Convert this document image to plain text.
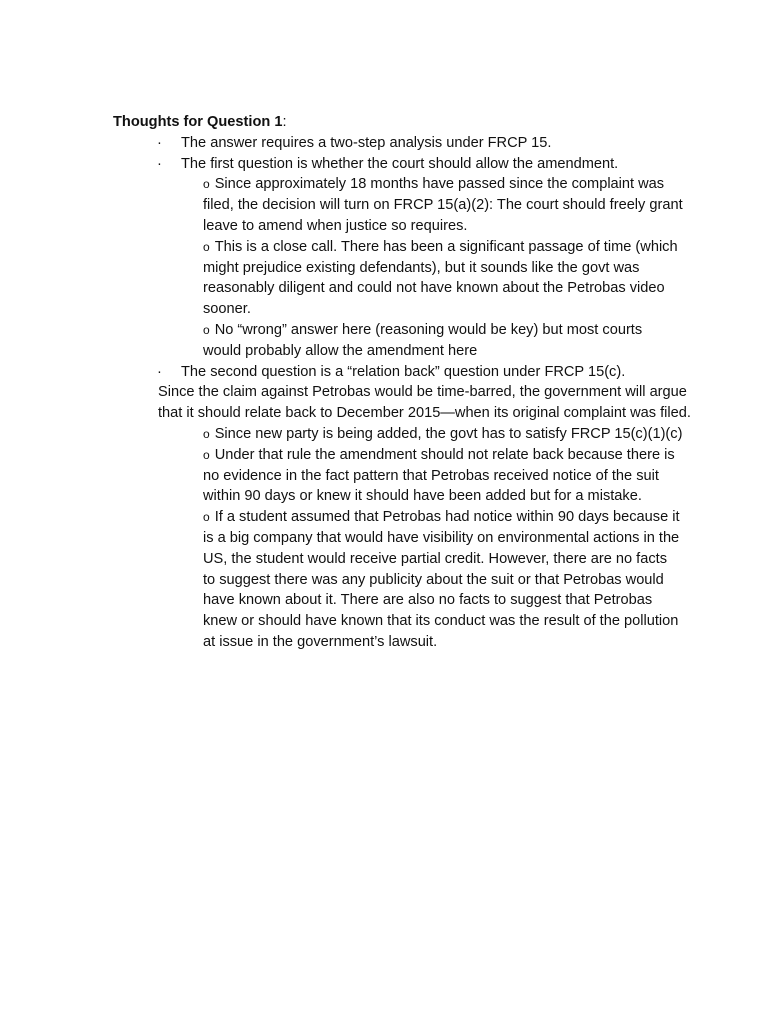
Thoughts for Question 1:
· The answer requires a two-step analysis under FRCP 15.
· The first question is whether the court should allow the amendment.
o Since approximately 18 months have passed since the complaint was filed, the decision will turn on FRCP 15(a)(2): The court should freely grant leave to amend when justice so requires.
o This is a close call. There has been a significant passage of time (which might prejudice existing defendants), but it sounds like the govt was reasonably diligent and could not have known about the Petrobas video sooner.
o No “wrong” answer here (reasoning would be key) but most courts would probably allow the amendment here
· The second question is a “relation back” question under FRCP 15(c).
Since the claim against Petrobas would be time-barred, the government will argue that it should relate back to December 2015—when its original complaint was filed.
o Since new party is being added, the govt has to satisfy FRCP 15(c)(1)(c)
o Under that rule the amendment should not relate back because there is no evidence in the fact pattern that Petrobas received notice of the suit within 90 days or knew it should have been added but for a mistake.
o If a student assumed that Petrobas had notice within 90 days because it is a big company that would have visibility on environmental actions in the US, the student would receive partial credit. However, there are no facts to suggest there was any publicity about the suit or that Petrobas would have known about it. There are also no facts to suggest that Petrobas knew or should have known that its conduct was the result of the pollution at issue in the government’s lawsuit.
